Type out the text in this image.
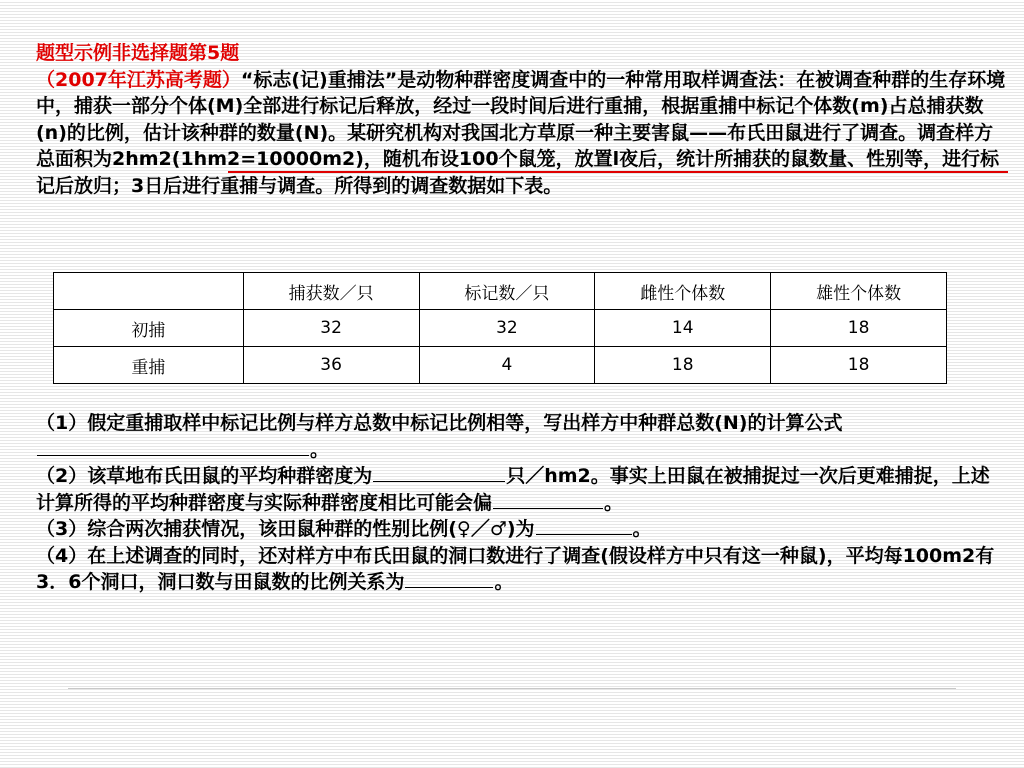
题型示例非选择题第5题
（2007年江苏高考题）“标志(记)重捕法”是动物种群密度调查中的一种常用取样调查法：在被调查种群的生存环境中，捕获一部分个体(M)全部进行标记后释放，经过一段时间后进行重捕，根据重捕中标记个体数(m)占总捕获数(n)的比例，估计该种群的数量(N)。某研究机构对我国北方草原一种主要害鼠——布氏田鼠进行了调查。调查样方总面积为2hm2(1hm2=10000m2)，随机布设100个鼠笼，放置l夜后，统计所捕获的鼠数量、性别等，进行标记后放归；3日后进行重捕与调查。所得到的调查数据如下表。
	捕获数／只	标记数／只	雌性个体数	雄性个体数
初捕	32	32	14	18
重捕	36	4	18	18
（1）假定重捕取样中标记比例与样方总数中标记比例相等，写出样方中种群总数(N)的计算公式。
（2）该草地布氏田鼠的平均种群密度为	只／hm2。事实上田鼠在被捕捉过一次后更难捕捉，上述计算所得的平均种群密度与实际种群密度相比可能会偏	。
（3）综合两次捕获情况，该田鼠种群的性别比例(♀／♂)为	。
（4）在上述调查的同时，还对样方中布氏田鼠的洞口数进行了调查(假设样方中只有这一种鼠)，平均每100m2有3．6个洞口，洞口数与田鼠数的比例关系为	。
